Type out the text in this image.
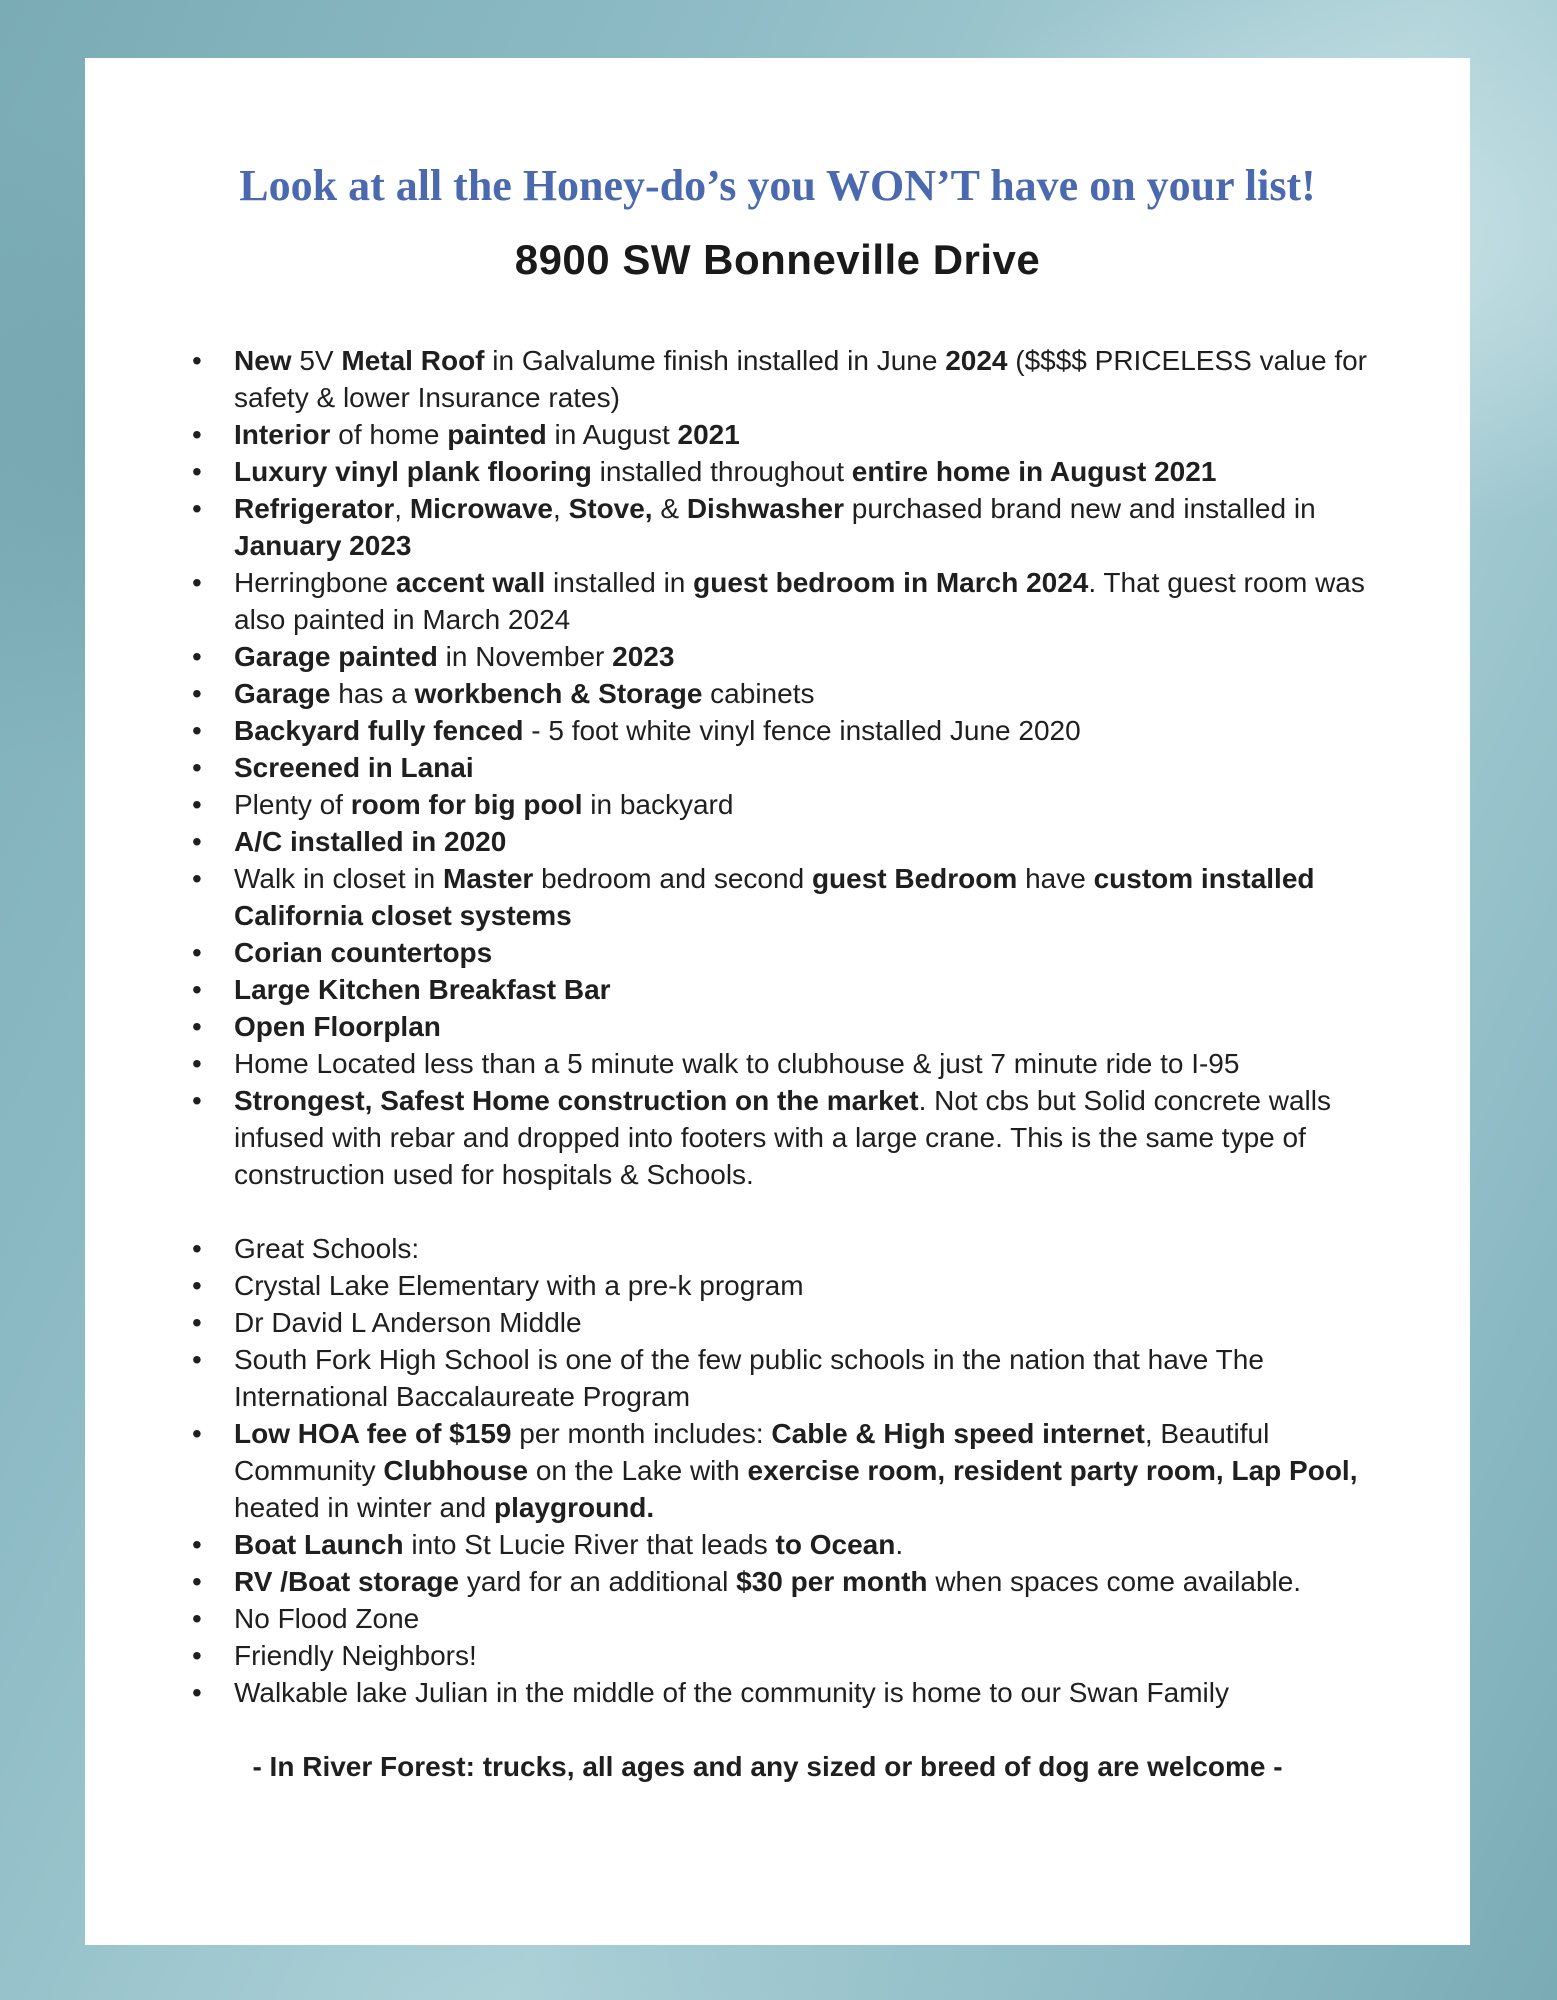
Look at all the Honey-do’s you WON’T have on your list!
8900 SW Bonneville Drive
• New 5V Metal Roof in Galvalume finish installed in June 2024 ($$$$ PRICELESS value for safety & lower Insurance rates)
• Interior of home painted in August 2021
• Luxury vinyl plank flooring installed throughout entire home in August 2021
• Refrigerator, Microwave, Stove, & Dishwasher purchased brand new and installed in January 2023
• Herringbone accent wall installed in guest bedroom in March 2024. That guest room was also painted in March 2024
• Garage painted in November 2023
• Garage has a workbench & Storage cabinets
• Backyard fully fenced - 5 foot white vinyl fence installed June 2020
• Screened in Lanai
• Plenty of room for big pool in backyard
• A/C installed in 2020
• Walk in closet in Master bedroom and second guest Bedroom have custom installed California closet systems
• Corian countertops
• Large Kitchen Breakfast Bar
• Open Floorplan
• Home Located less than a 5 minute walk to clubhouse & just 7 minute ride to I-95
• Strongest, Safest Home construction on the market. Not cbs but Solid concrete walls infused with rebar and dropped into footers with a large crane. This is the same type of construction used for hospitals & Schools.
• Great Schools:
• Crystal Lake Elementary with a pre-k program
• Dr David L Anderson Middle
• South Fork High School is one of the few public schools in the nation that have The International Baccalaureate Program
• Low HOA fee of $159 per month includes: Cable & High speed internet, Beautiful Community Clubhouse on the Lake with exercise room, resident party room, Lap Pool, heated in winter and playground.
• Boat Launch into St Lucie River that leads to Ocean.
• RV /Boat storage yard for an additional $30 per month when spaces come available.
• No Flood Zone
• Friendly Neighbors!
• Walkable lake Julian in the middle of the community is home to our Swan Family

- In River Forest: trucks, all ages and any sized or breed of dog are welcome -
